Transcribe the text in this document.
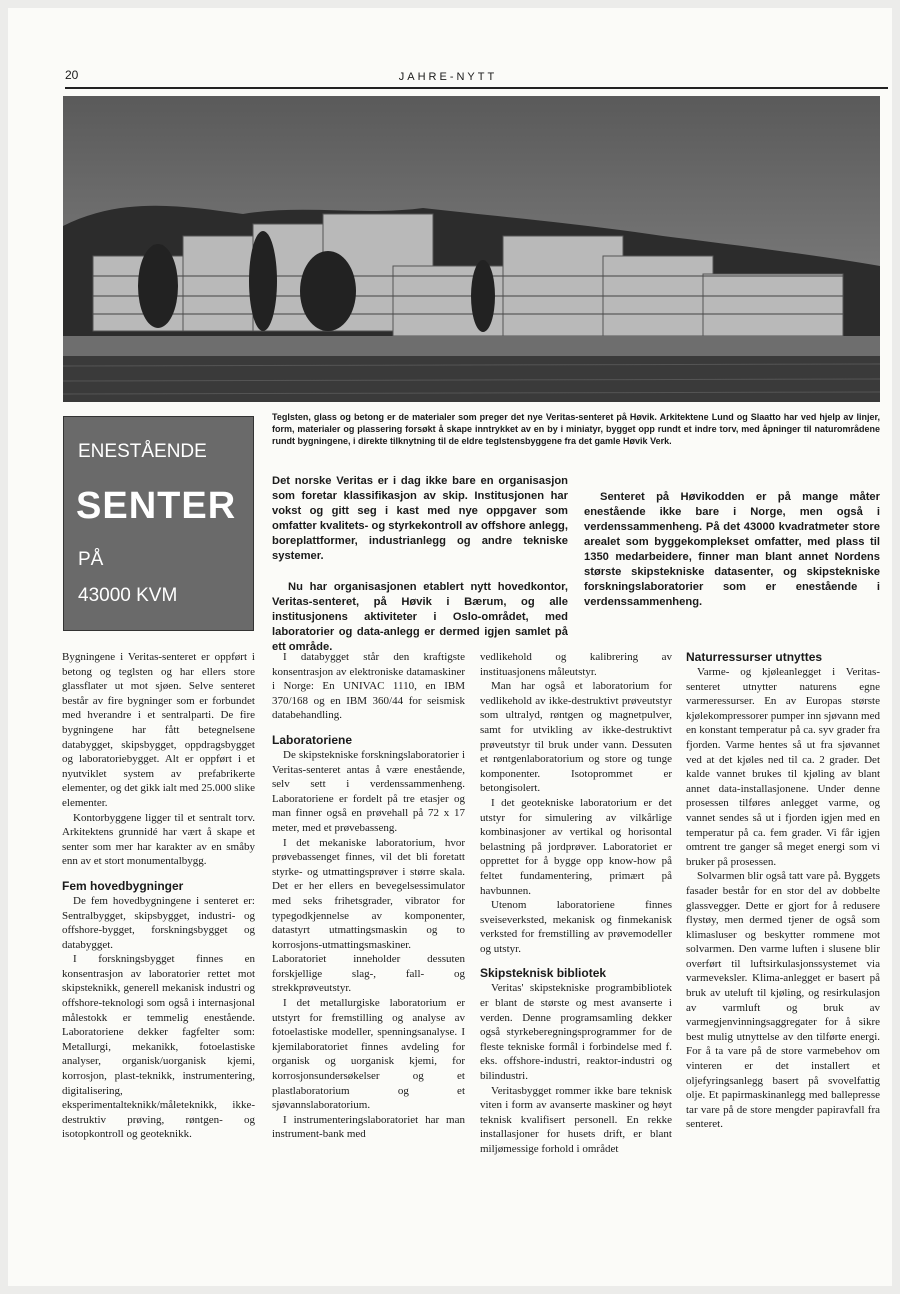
20	JAHRE-NYTT
Teglsten, glass og betong er de materialer som preger det nye Veritas-senteret på Høvik. Arkitektene Lund og Slaatto har ved hjelp av linjer, form, materialer og plassering forsøkt å skape inntrykket av en by i miniatyr, bygget opp rundt et indre torv, med åpninger til naturområdene rundt bygningene, i direkte tilknytning til de eldre teglstensbyggene fra det gamle Høvik Verk.
ENESTÅENDE
SENTER
PÅ
43000 KVM

Det norske Veritas er i dag ikke bare en organisasjon som foretar klassifikasjon av skip. Institusjonen har vokst og gitt seg i kast med nye oppgaver som omfatter kvalitets- og styrkekontroll av offshore anlegg, boreplattformer, industrianlegg og andre tekniske systemer.

Nu har organisasjonen etablert nytt hovedkontor, Veritas-senteret, på Høvik i Bærum, og alle institusjonens aktiviteter i Oslo-området, med laboratorier og data-anlegg er dermed igjen samlet på ett område.

Senteret på Høvikodden er på mange måter enestående ikke bare i Norge, men også i verdenssammenheng. På det 43000 kvadratmeter store arealet som byggekomplekset omfatter, med plass til 1350 medarbeidere, finner man blant annet Nordens største skipstekniske datasenter, og skipstekniske forskningslaboratorier som er enestående i verdenssammenheng.

Bygningene i Veritas-senteret er oppført i betong og teglsten og har ellers store glassflater ut mot sjøen. Selve senteret består av fire bygninger som er forbundet med hverandre i et sentralparti. De fire bygningene har fått betegnelsene databygget, skipsbygget, oppdragsbygget og laboratoriebygget. Alt er oppført i et nyutviklet system av prefabrikerte elementer, og det gikk ialt med 25.000 slike elementer.

Kontorbyggene ligger til et sentralt torv. Arkitektens grunnidé har vært å skape et senter som mer har karakter av en småby enn av et stort monumentalbygg.

Fem hovedbygninger

De fem hovedbygningene i senteret er: Sentralbygget, skipsbygget, industri- og offshore-bygget, forskningsbygget og databygget.

I forskningsbygget finnes en konsentrasjon av laboratorier rettet mot skipsteknikk, generell mekanisk industri og offshore-teknologi som også i internasjonal målestokk er temmelig enestående. Laboratoriene dekker fagfelter som: Metallurgi, mekanikk, fotoelastiske analyser, organisk/uorganisk kjemi, korrosjon, plast-teknikk, instrumentering, digitalisering, eksperimentalteknikk/måleteknikk, ikke-destruktiv prøving, røntgen- og isotopkontroll og geoteknikk.

I databygget står den kraftigste konsentrasjon av elektroniske datamaskiner i Norge: En UNIVAC 1110, en IBM 370/168 og en IBM 360/44 for seismisk databehandling.

Laboratoriene

De skipstekniske forskningslaboratorier i Veritas-senteret antas å være enestående, selv sett i verdenssammenheng. Laboratoriene er fordelt på tre etasjer og man finner også en prøvehall på 72 x 17 meter, med et prøvebasseng.

I det mekaniske laboratorium, hvor prøvebassenget finnes, vil det bli foretatt styrke- og utmattingsprøver i større skala. Det er her ellers en bevegelsessimulator med seks frihetsgrader, vibrator for typegodkjennelse av komponenter, datastyrt utmattingsmaskin og to korrosjons-utmattingsmaskiner. Laboratoriet inneholder dessuten forskjellige slag-, fall- og strekkprøveutstyr.

I det metallurgiske laboratorium er utstyrt for fremstilling og analyse av fotoelastiske modeller, spenningsanalyse. I kjemilaboratoriet finnes avdeling for organisk og uorganisk kjemi, for korrosjonsundersøkelser og et plastlaboratorium og et sjøvannslaboratorium.

I instrumenteringslaboratoriet har man instrument-bank med

vedlikehold og kalibrering av instituasjonens måleutstyr.

Man har også et laboratorium for vedlikehold av ikke-destruktivt prøveutstyr som ultralyd, røntgen og magnetpulver, samt for utvikling av ikke-destruktivt prøveutstyr til bruk under vann. Dessuten et røntgenlaboratorium og store og tunge komponenter. Isotoprommet er betongisolert.

I det geotekniske laboratorium er det utstyr for simulering av vilkårlige kombinasjoner av vertikal og horisontal belastning på jordprøver. Laboratoriet er opprettet for å bygge opp know-how på feltet fundamentering, primært på havbunnen.

Utenom laboratoriene finnes sveiseverksted, mekanisk og finmekanisk verksted for fremstilling av prøvemodeller og utstyr.

Skipsteknisk bibliotek

Veritas' skipstekniske programbibliotek er blant de største og mest avanserte i verden. Denne programsamling dekker også styrkeberegningsprogrammer for de fleste tekniske formål i forbindelse med f. eks. offshore-industri, reaktor-industri og bilindustri.

Veritasbygget rommer ikke bare teknisk viten i form av avanserte maskiner og høyt teknisk kvalifisert personell. En rekke installasjoner for husets drift, er blant miljømessige forhold i området

Naturressurser utnyttes

Varme- og kjøleanlegget i Veritas-senteret utnytter naturens egne varmeressurser. En av Europas største kjølekompressorer pumper inn sjøvann med en konstant temperatur på ca. syv grader fra fjorden. Varme hentes så ut fra sjøvannet ved at det kjøles ned til ca. 2 grader. Det kalde vannet brukes til kjøling av blant annet data-installasjonene. Under denne prosessen tilføres anlegget varme, og vannet sendes så ut i fjorden igjen med en temperatur på ca. fem grader. Vi får igjen omtrent tre ganger så meget energi som vi bruker på prosessen.

Solvarmen blir også tatt vare på. Byggets fasader består for en stor del av dobbelte glassvegger. Dette er gjort for å redusere flystøy, men dermed tjener de også som klimasluser og beskytter rommene mot solvarmen. Den varme luften i slusene blir overført til luftsirkulasjonssystemet via varmeveksler. Klima-anlegget er basert på bruk av uteluft til kjøling, og resirkulasjon av varmluft og bruk av varmegjenvinningsaggregater for å sikre best mulig utnyttelse av den tilførte energi. For å ta vare på de store varmebehov om vinteren er det installert et oljefyringsanlegg basert på svovelfattig olje. Et papirmaskinanlegg med ballepresse tar vare på de store mengder papiravfall fra senteret.
